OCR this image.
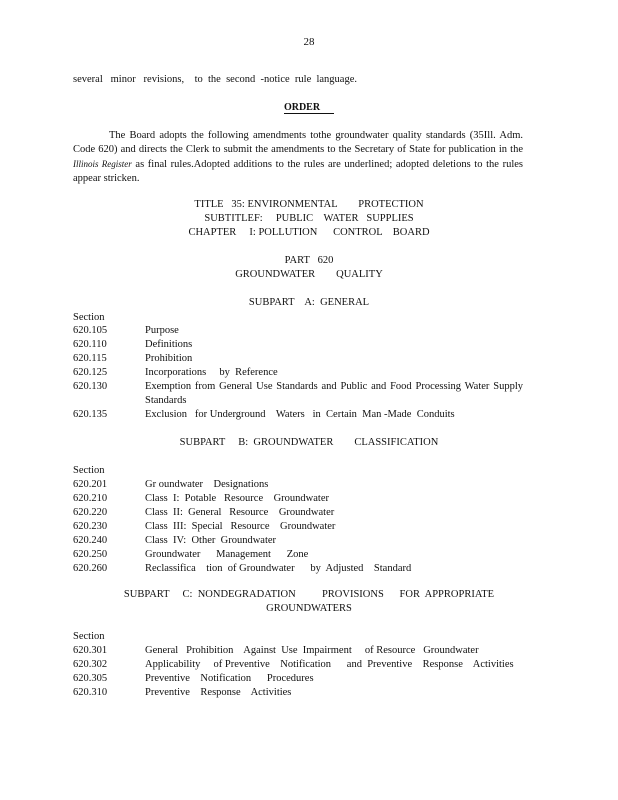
28
several   minor   revisions,    to  the  second  -notice  rule  language.
ORDER
The Board adopts the following amendments tothe groundwater quality standards (35Ill. Adm. Code 620) and directs the Clerk to submit the amendments to the Secretary of State for publication in the Illinois Register as final rules.Adopted additions to the rules are underlined; adopted deletions to the rules appear stricken.
TITLE   35: ENVIRONMENTAL        PROTECTION
SUBTITLEF:     PUBLIC    WATER   SUPPLIES
CHAPTER     I: POLLUTION      CONTROL    BOARD
PART   620
GROUNDWATER        QUALITY
SUBPART    A:  GENERAL
Section
620.105	Purpose
620.110	Definitions
620.115	Prohibition
620.125	Incorporations     by  Reference
620.130	Exemption from General Use Standards and Public and Food Processing Water Supply Standards
620.135	Exclusion   for Underground    Waters   in  Certain  Man -Made  Conduits
SUBPART     B:  GROUNDWATER        CLASSIFICATION
Section
620.201	Gr oundwater    Designations
620.210	Class  I:  Potable   Resource    Groundwater
620.220	Class  II:  General   Resource    Groundwater
620.230	Class  III:  Special   Resource    Groundwater
620.240	Class  IV:  Other  Groundwater
620.250	Groundwater      Management      Zone
620.260	Reclassifica    tion  of Groundwater      by  Adjusted    Standard
SUBPART     C:  NONDEGRADATION          PROVISIONS      FOR  APPROPRIATE
GROUNDWATERS
Section
620.301	General   Prohibition    Against  Use  Impairment     of Resource   Groundwater
620.302	Applicability     of Preventive    Notification      and  Preventive    Response    Activities
620.305	Preventive    Notification      Procedures
620.310	Preventive    Response    Activities
